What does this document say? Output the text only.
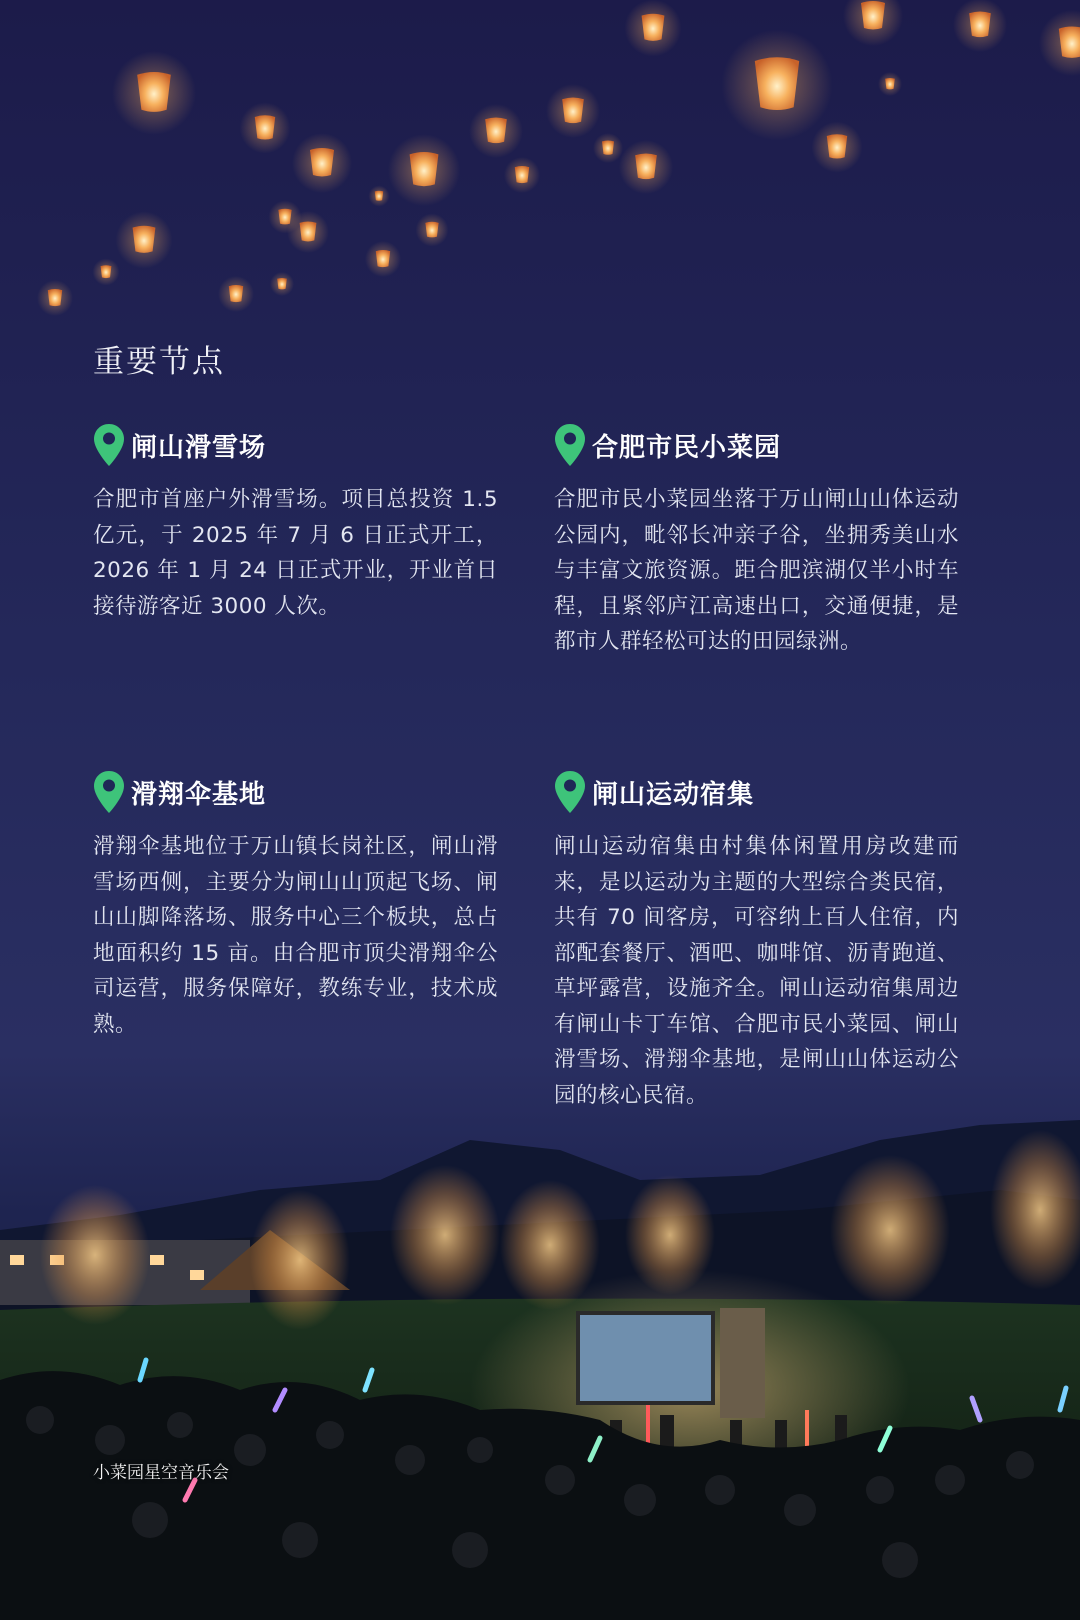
重要节点
闸山滑雪场

合肥市首座户外滑雪场。项目总投资 1.5 亿元，于 2025 年 7 月 6 日正式开工，2026 年 1 月 24 日正式开业，开业首日接待游客近 3000 人次。

合肥市民小菜园

合肥市民小菜园坐落于万山闸山山体运动公园内，毗邻长冲亲子谷，坐拥秀美山水与丰富文旅资源。距合肥滨湖仅半小时车程，且紧邻庐江高速出口，交通便捷，是都市人群轻松可达的田园绿洲。

滑翔伞基地

滑翔伞基地位于万山镇长岗社区，闸山滑雪场西侧，主要分为闸山山顶起飞场、闸山山脚降落场、服务中心三个板块，总占地面积约 15 亩。由合肥市顶尖滑翔伞公司运营，服务保障好，教练专业，技术成熟。

闸山运动宿集

闸山运动宿集由村集体闲置用房改建而来，是以运动为主题的大型综合类民宿，共有 70 间客房，可容纳上百人住宿，内部配套餐厅、酒吧、咖啡馆、沥青跑道、草坪露营，设施齐全。闸山运动宿集周边有闸山卡丁车馆、合肥市民小菜园、闸山滑雪场、滑翔伞基地，是闸山山体运动公园的核心民宿。

小菜园星空音乐会
